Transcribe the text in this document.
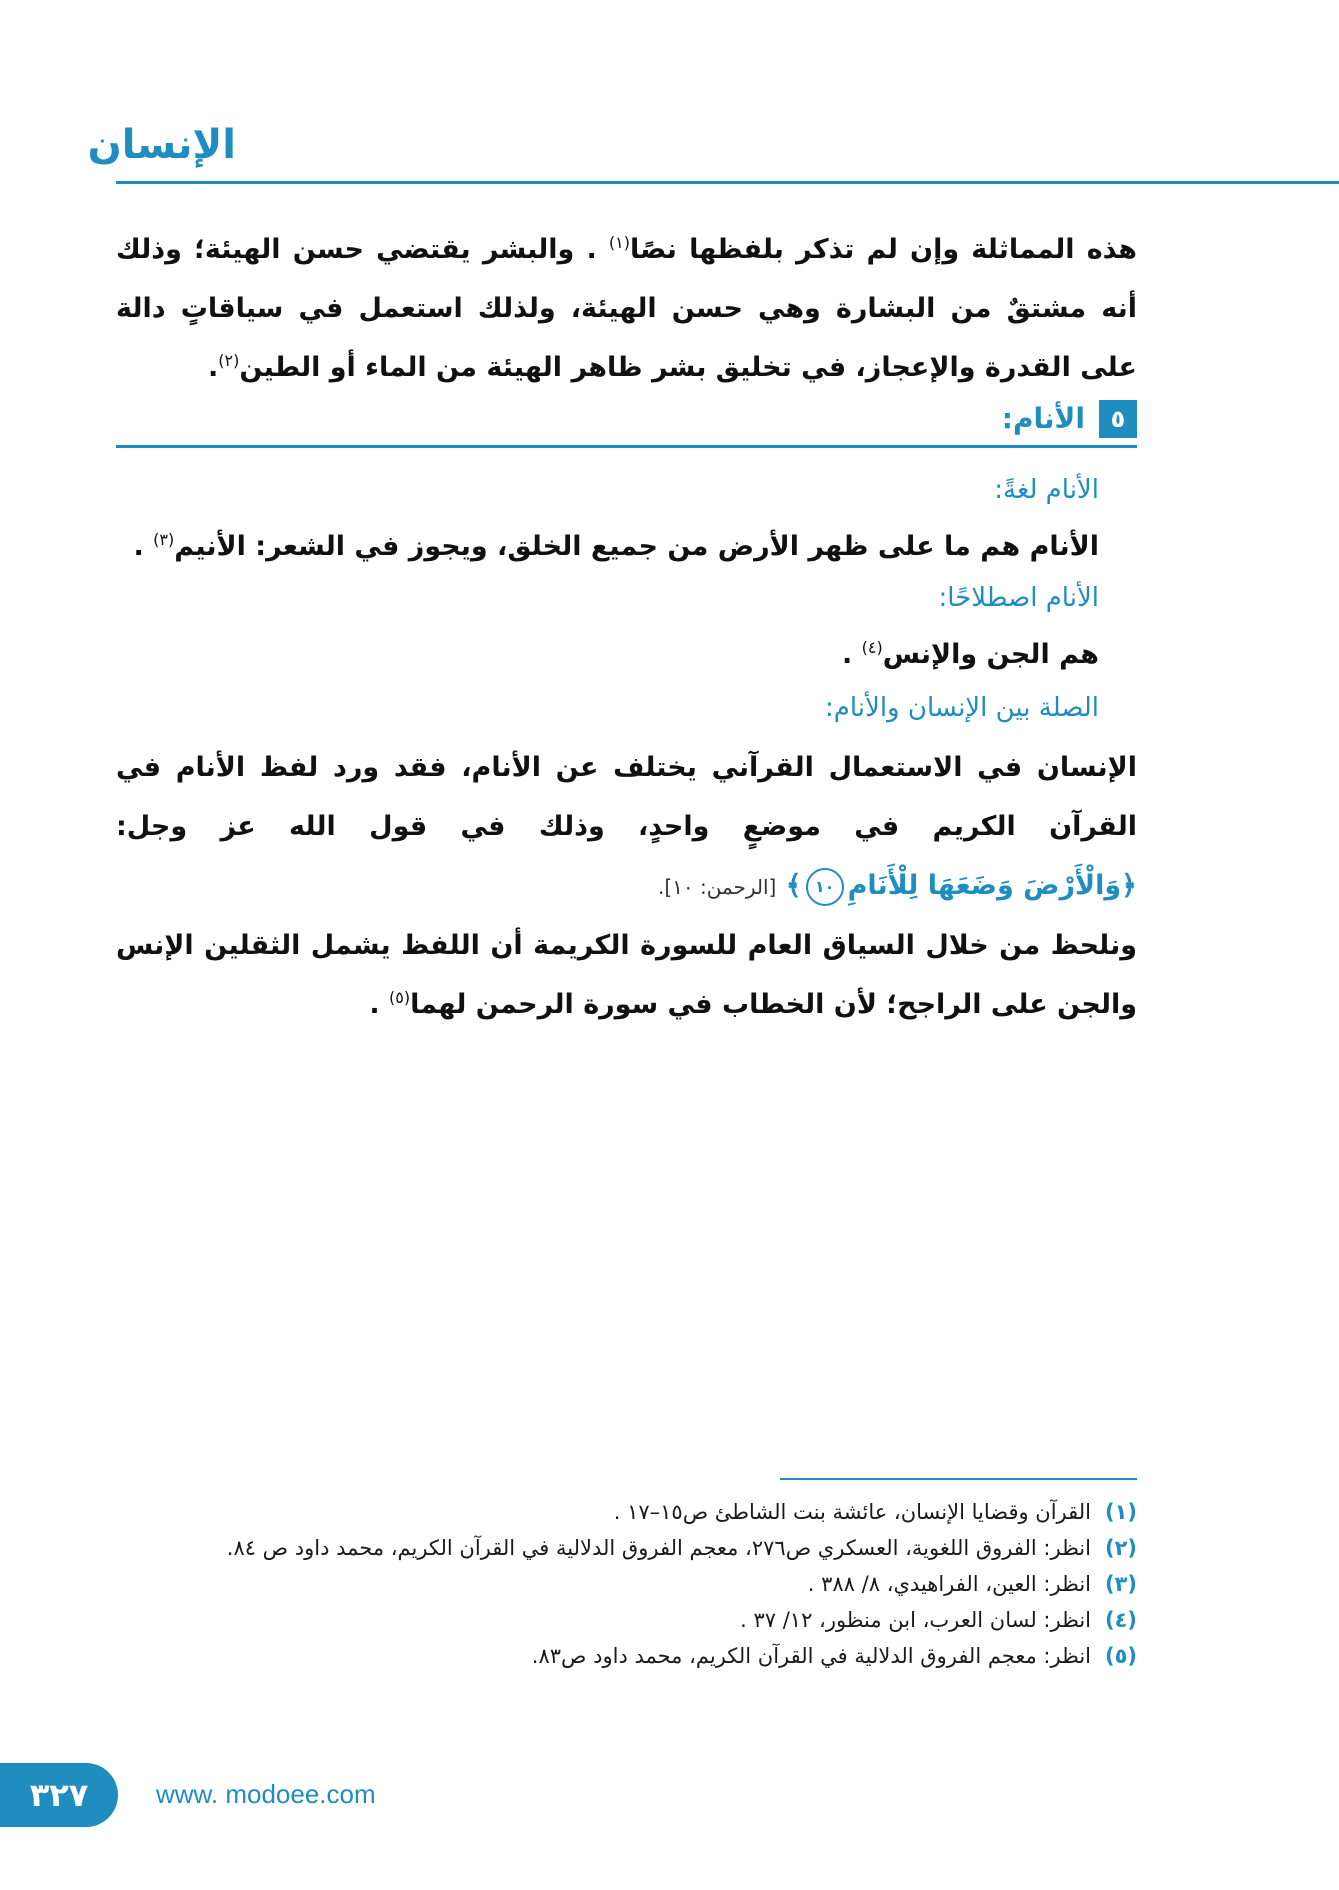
الإنسان
هذه المماثلة وإن لم تذكر بلفظها نصًا$^{(١)}$ . والبشر يقتضي حسن الهيئة؛ وذلك أنه مشتقٌ من البشارة وهي حسن الهيئة، ولذلك استعمل في سياقاتٍ دالة على القدرة والإعجاز، في تخليق بشر ظاهر الهيئة من الماء أو الطين$^{(٢)}$.
٥
الأنام:
الأنام لغةً:
الأنام هم ما على ظهر الأرض من جميع الخلق، ويجوز في الشعر: الأنيم$^{(٣)}$ .
الأنام اصطلاحًا:
هم الجن والإنس$^{(٤)}$ .
الصلة بين الإنسان والأنام:
الإنسان في الاستعمال القرآني يختلف عن الأنام، فقد ورد لفظ الأنام في القرآن الكريم في موضعٍ واحدٍ، وذلك في قول الله عز وجل: ﴿وَالْأَرْضَ وَضَعَهَا لِلْأَنَامِ١٠﴾ [الرحمن: ١٠].
ونلحظ من خلال السياق العام للسورة الكريمة أن اللفظ يشمل الثقلين الإنس والجن على الراجح؛ لأن الخطاب في سورة الرحمن لهما$^{(٥)}$ .
(١)
القرآن وقضايا الإنسان، عائشة بنت الشاطئ ص١٥–١٧ .
(٢)
انظر: الفروق اللغوية، العسكري ص٢٧٦، معجم الفروق الدلالية في القرآن الكريم، محمد داود ص ٨٤.
(٣)
انظر: العين، الفراهيدي، ٨/ ٣٨٨ .
(٤)
انظر: لسان العرب، ابن منظور، ١٢/ ٣٧ .
(٥)
انظر: معجم الفروق الدلالية في القرآن الكريم، محمد داود ص٨٣.
٣٢٧	www. modoee.com
